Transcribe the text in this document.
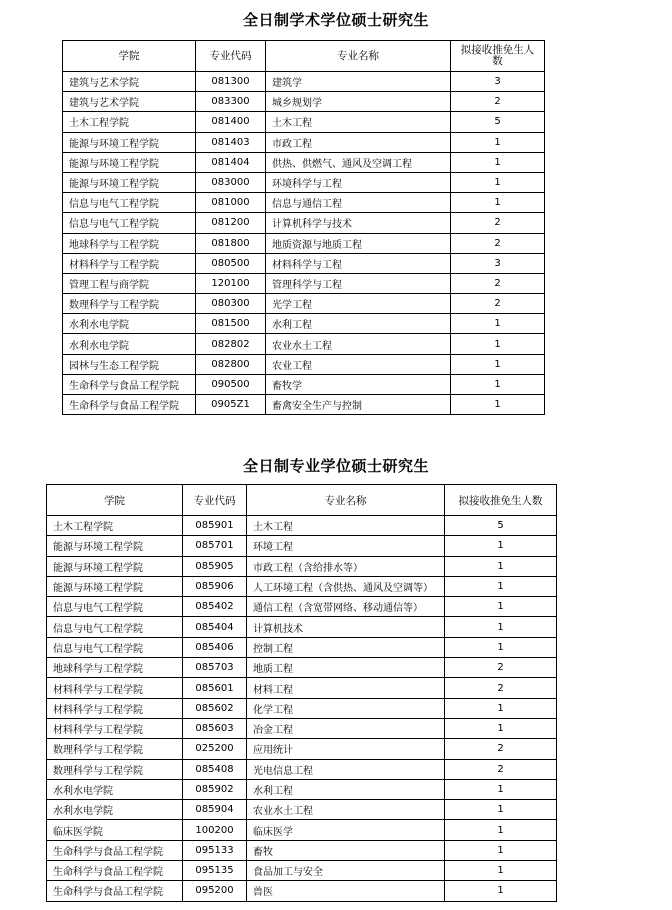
全日制学术学位硕士研究生
学院	专业代码	专业名称	拟接收推免生人数
建筑与艺术学院	081300	建筑学	3
建筑与艺术学院	083300	城乡规划学	2
土木工程学院	081400	土木工程	5
能源与环境工程学院	081403	市政工程	1
能源与环境工程学院	081404	供热、供燃气、通风及空调工程	1
能源与环境工程学院	083000	环境科学与工程	1
信息与电气工程学院	081000	信息与通信工程	1
信息与电气工程学院	081200	计算机科学与技术	2
地球科学与工程学院	081800	地质资源与地质工程	2
材料科学与工程学院	080500	材料科学与工程	3
管理工程与商学院	120100	管理科学与工程	2
数理科学与工程学院	080300	光学工程	2
水利水电学院	081500	水利工程	1
水利水电学院	082802	农业水土工程	1
园林与生态工程学院	082800	农业工程	1
生命科学与食品工程学院	090500	畜牧学	1
生命科学与食品工程学院	0905Z1	畜禽安全生产与控制	1
全日制专业学位硕士研究生
学院	专业代码	专业名称	拟接收推免生人数
土木工程学院	085901	土木工程	5
能源与环境工程学院	085701	环境工程	1
能源与环境工程学院	085905	市政工程（含给排水等）	1
能源与环境工程学院	085906	人工环境工程（含供热、通风及空调等）	1
信息与电气工程学院	085402	通信工程（含宽带网络、移动通信等）	1
信息与电气工程学院	085404	计算机技术	1
信息与电气工程学院	085406	控制工程	1
地球科学与工程学院	085703	地质工程	2
材料科学与工程学院	085601	材料工程	2
材料科学与工程学院	085602	化学工程	1
材料科学与工程学院	085603	冶金工程	1
数理科学与工程学院	025200	应用统计	2
数理科学与工程学院	085408	光电信息工程	2
水利水电学院	085902	水利工程	1
水利水电学院	085904	农业水土工程	1
临床医学院	100200	临床医学	1
生命科学与食品工程学院	095133	畜牧	1
生命科学与食品工程学院	095135	食品加工与安全	1
生命科学与食品工程学院	095200	兽医	1
